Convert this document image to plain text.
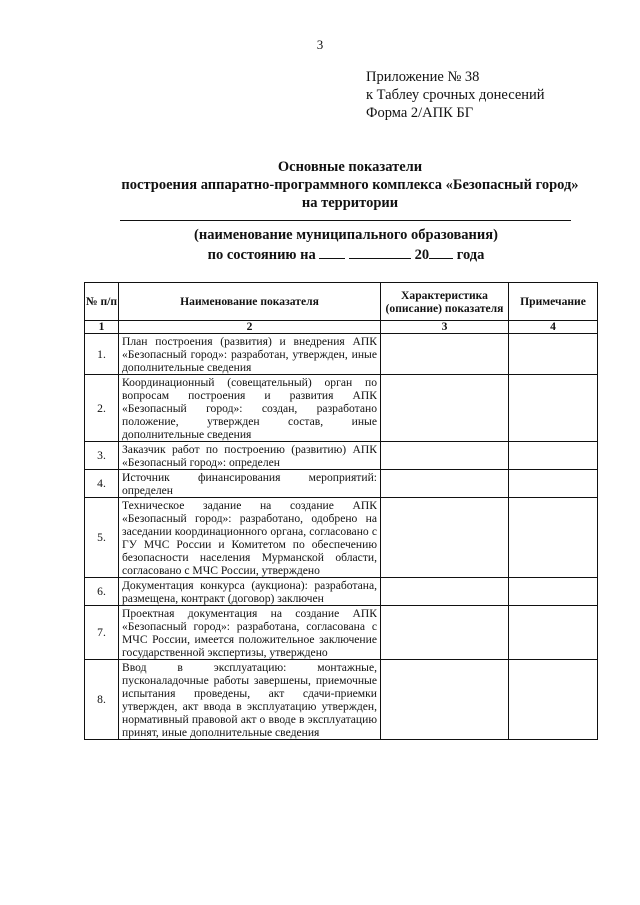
3
Приложение № 38
к Таблеу срочных донесений
Форма 2/АПК БГ
Основные показатели
построения аппаратно-программного комплекса «Безопасный город»
на территории
(наименование муниципального образования)
по состоянию на	20 года
№ п/п	Наименование показателя	Характеристика (описание) показателя	Примечание
1	2	3	4
1.	План построения (развития) и внедрения АПК «Безопасный город»: разработан, утвержден, иные дополнительные сведения		
2.	Координационный (совещательный) орган по вопросам построения и развития АПК «Безопасный город»: создан, разработано положение, утвержден состав, иные дополнительные сведения		
3.	Заказчик работ по построению (развитию) АПК «Безопасный город»: определен		
4.	Источник финансирования мероприятий: определен		
5.	Техническое задание на создание АПК «Безопасный город»: разработано, одобрено на заседании координационного органа, согласовано с ГУ МЧС России и Комитетом по обеспечению безопасности населения Мурманской области, согласовано с МЧС России, утверждено		
6.	Документация конкурса (аукциона): разработана, размещена, контракт (договор) заключен		
7.	Проектная документация на создание АПК «Безопасный город»: разработана, согласована с МЧС России, имеется положительное заключение государственной экспертизы, утверждено		
8.	Ввод в эксплуатацию: монтажные, пусконаладочные работы завершены, приемочные испытания проведены, акт сдачи-приемки утвержден, акт ввода в эксплуатацию утвержден, нормативный правовой акт о вводе в эксплуатацию принят, иные дополнительные сведения		
